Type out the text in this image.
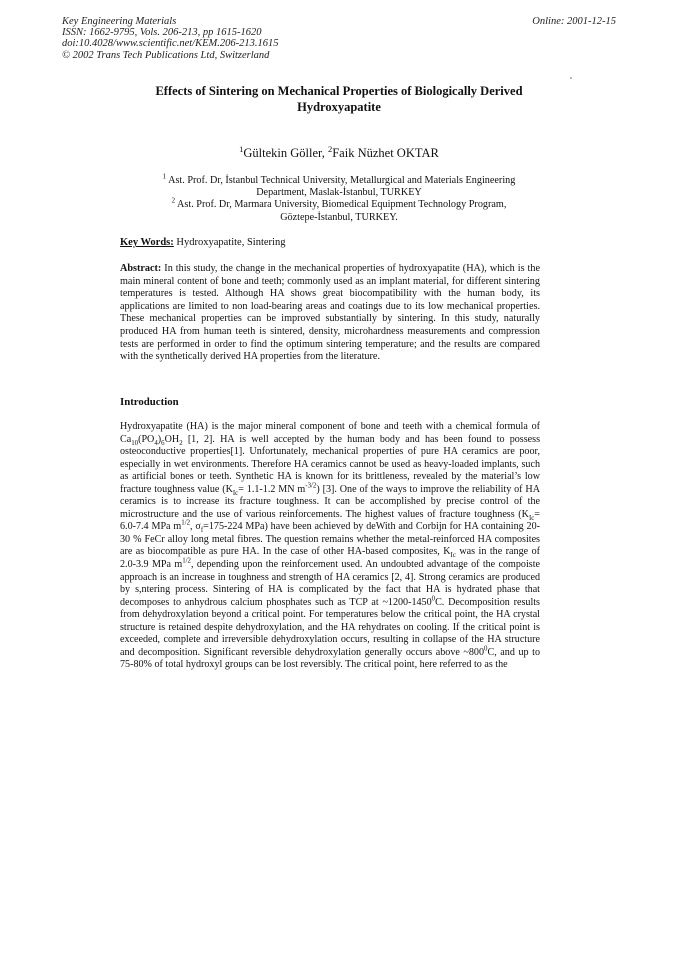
Key Engineering Materials
ISSN: 1662-9795, Vols. 206-213, pp 1615-1620
doi:10.4028/www.scientific.net/KEM.206-213.1615
© 2002 Trans Tech Publications Ltd, Switzerland
Online: 2001-12-15
Effects of Sintering on Mechanical Properties of Biologically Derived
Hydroxyapatite
$^1$Gültekin Göller, $^2$Faik Nüzhet OKTAR
$^1$ Ast. Prof. Dr, İstanbul Technical University, Metallurgical and Materials Engineering
Department, Maslak-İstanbul, TURKEY
$^2$ Ast. Prof. Dr, Marmara University, Biomedical Equipment Technology Program,
Göztepe-İstanbul, TURKEY.
Key Words: Hydroxyapatite, Sintering
Abstract: In this study, the change in the mechanical properties of hydroxyapatite (HA), which is the main mineral content of bone and teeth; commonly used as an implant material, for different sintering temperatures is tested. Although HA shows great biocompatibility with the human body, its applications are limited to non load-bearing areas and coatings due to its low mechanical properties. These mechanical properties can be improved substantially by sintering. In this study, naturally produced HA from human teeth is sintered, density, microhardness measurements and compression tests are performed in order to find the optimum sintering temperature; and the results are compared with the synthetically derived HA properties from the literature.
Introduction
Hydroxyapatite (HA) is the major mineral component of bone and teeth with a chemical formula of $Ca_{10}(PO_4)_6OH_2$ [1, 2]. HA is well accepted by the human body and has been found to possess osteoconductive properties[1]. Unfortunately, mechanical properties of pure HA ceramics are poor, especially in wet environments. Therefore HA ceramics cannot be used as heavy-loaded implants, such as artificial bones or teeth. Synthetic HA is known for its brittleness, revealed by the material’s low fracture toughness value ($K_{Ic}= 1.1-1.2$ MN $m^{-3/2}$) [3]. One of the ways to improve the reliability of HA ceramics is to increase its fracture toughness. It can be accomplished by precise control of the microstructure and the use of various reinforcements. The highest values of fracture toughness ($K_{Ic}= 6.0-7.4$ MPa $m^{1/2}$, $\sigma_f=175-224$ MPa) have been achieved by deWith and Corbijn for HA containing 20-30 % FeCr alloy long metal fibres. The question remains whether the metal-reinforced HA composites are as biocompatible as pure HA. In the case of other HA-based composites, $K_{Ic}$ was in the range of 2.0-3.9 MPa $m^{1/2}$, depending upon the reinforcement used. An undoubted advantage of the compoiste approach is an increase in toughness and strength of HA ceramics [2, 4]. Strong ceramics are produced by s,ntering process. Sintering of HA is complicated by the fact that HA is hydrated phase that decomposes to anhydrous calcium phosphates such as TCP at ~1200-1450$^0$C. Decomposition results from dehydroxylation beyond a critical point. For temperatures below the critical point, the HA crystal structure is retained despite dehydroxylation, and the HA rehydrates on cooling. If the critical point is exceeded, complete and irreversible dehydroxylation occurs, resulting in collapse of the HA structure and decomposition. Significant reversible dehydroxylation generally occurs above $\sim 800^0C$, and up to 75-80% of total hydroxyl groups can be lost reversibly. The critical point, here referred to as the
